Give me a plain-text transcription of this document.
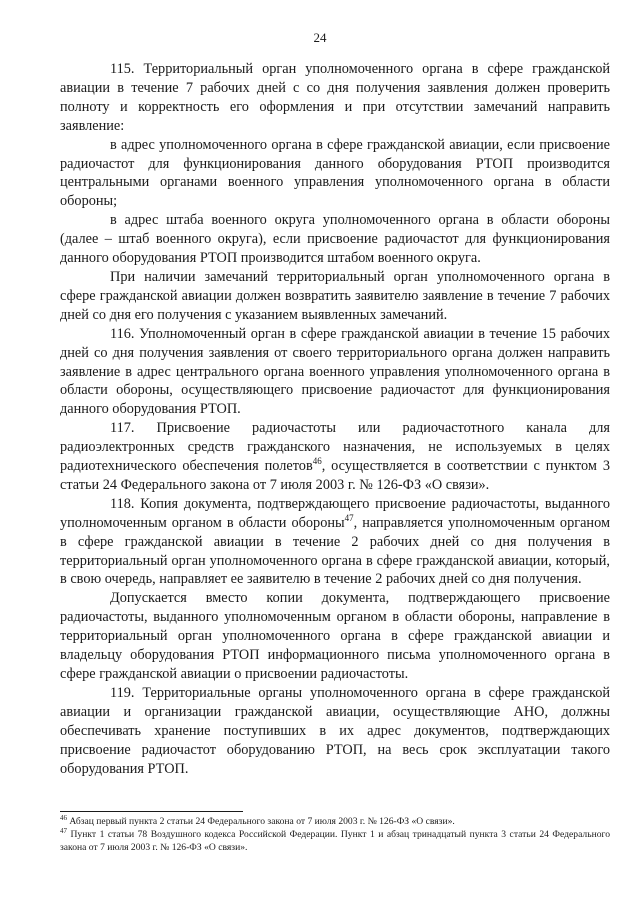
24

115. Территориальный орган уполномоченного органа в сфере гражданской авиации в течение 7 рабочих дней с со дня получения заявления должен проверить полноту и корректность его оформления и при отсутствии замечаний направить заявление:

в адрес уполномоченного органа в сфере гражданской авиации, если присвоение радиочастот для функционирования данного оборудования РТОП производится центральными органами военного управления уполномоченного органа в области обороны;

в адрес штаба военного округа уполномоченного органа в области обороны (далее – штаб военного округа), если присвоение радиочастот для функционирования данного оборудования РТОП производится штабом военного округа.

При наличии замечаний территориальный орган уполномоченного органа в сфере гражданской авиации должен возвратить заявителю заявление в течение 7 рабочих дней со дня его получения с указанием выявленных замечаний.

116. Уполномоченный орган в сфере гражданской авиации в течение 15 рабочих дней со дня получения заявления от своего территориального органа должен направить заявление в адрес центрального органа военного управления уполномоченного органа в области обороны, осуществляющего присвоение радиочастот для функционирования данного оборудования РТОП.

117. Присвоение радиочастоты или радиочастотного канала для радиоэлектронных средств гражданского назначения, не используемых в целях радиотехнического обеспечения полетов$^{46}$, осуществляется в соответствии с пунктом 3 статьи 24 Федерального закона от 7 июля 2003 г. № 126-ФЗ «О связи».

118. Копия документа, подтверждающего присвоение радиочастоты, выданного уполномоченным органом в области обороны$^{47}$, направляется уполномоченным органом в сфере гражданской авиации в течение 2 рабочих дней со дня получения в территориальный орган уполномоченного органа в сфере гражданской авиации, который, в свою очередь, направляет ее заявителю в течение 2 рабочих дней со дня получения.

Допускается вместо копии документа, подтверждающего присвоение радиочастоты, выданного уполномоченным органом в области обороны, направление в территориальный орган уполномоченного органа в сфере гражданской авиации и владельцу оборудования РТОП информационного письма уполномоченного органа в сфере гражданской авиации о присвоении радиочастоты.

119. Территориальные органы уполномоченного органа в сфере гражданской авиации и организации гражданской авиации, осуществляющие АНО, должны обеспечивать хранение поступивших в их адрес документов, подтверждающих присвоение радиочастот оборудованию РТОП, на весь срок эксплуатации такого оборудования РТОП.

$^{46}$ Абзац первый пункта 2 статьи 24 Федерального закона от 7 июля 2003 г. № 126-ФЗ «О связи».

$^{47}$ Пункт 1 статьи 78 Воздушного кодекса Российской Федерации. Пункт 1 и абзац тринадцатый пункта 3 статьи 24 Федерального закона от 7 июля 2003 г. № 126-ФЗ «О связи».
